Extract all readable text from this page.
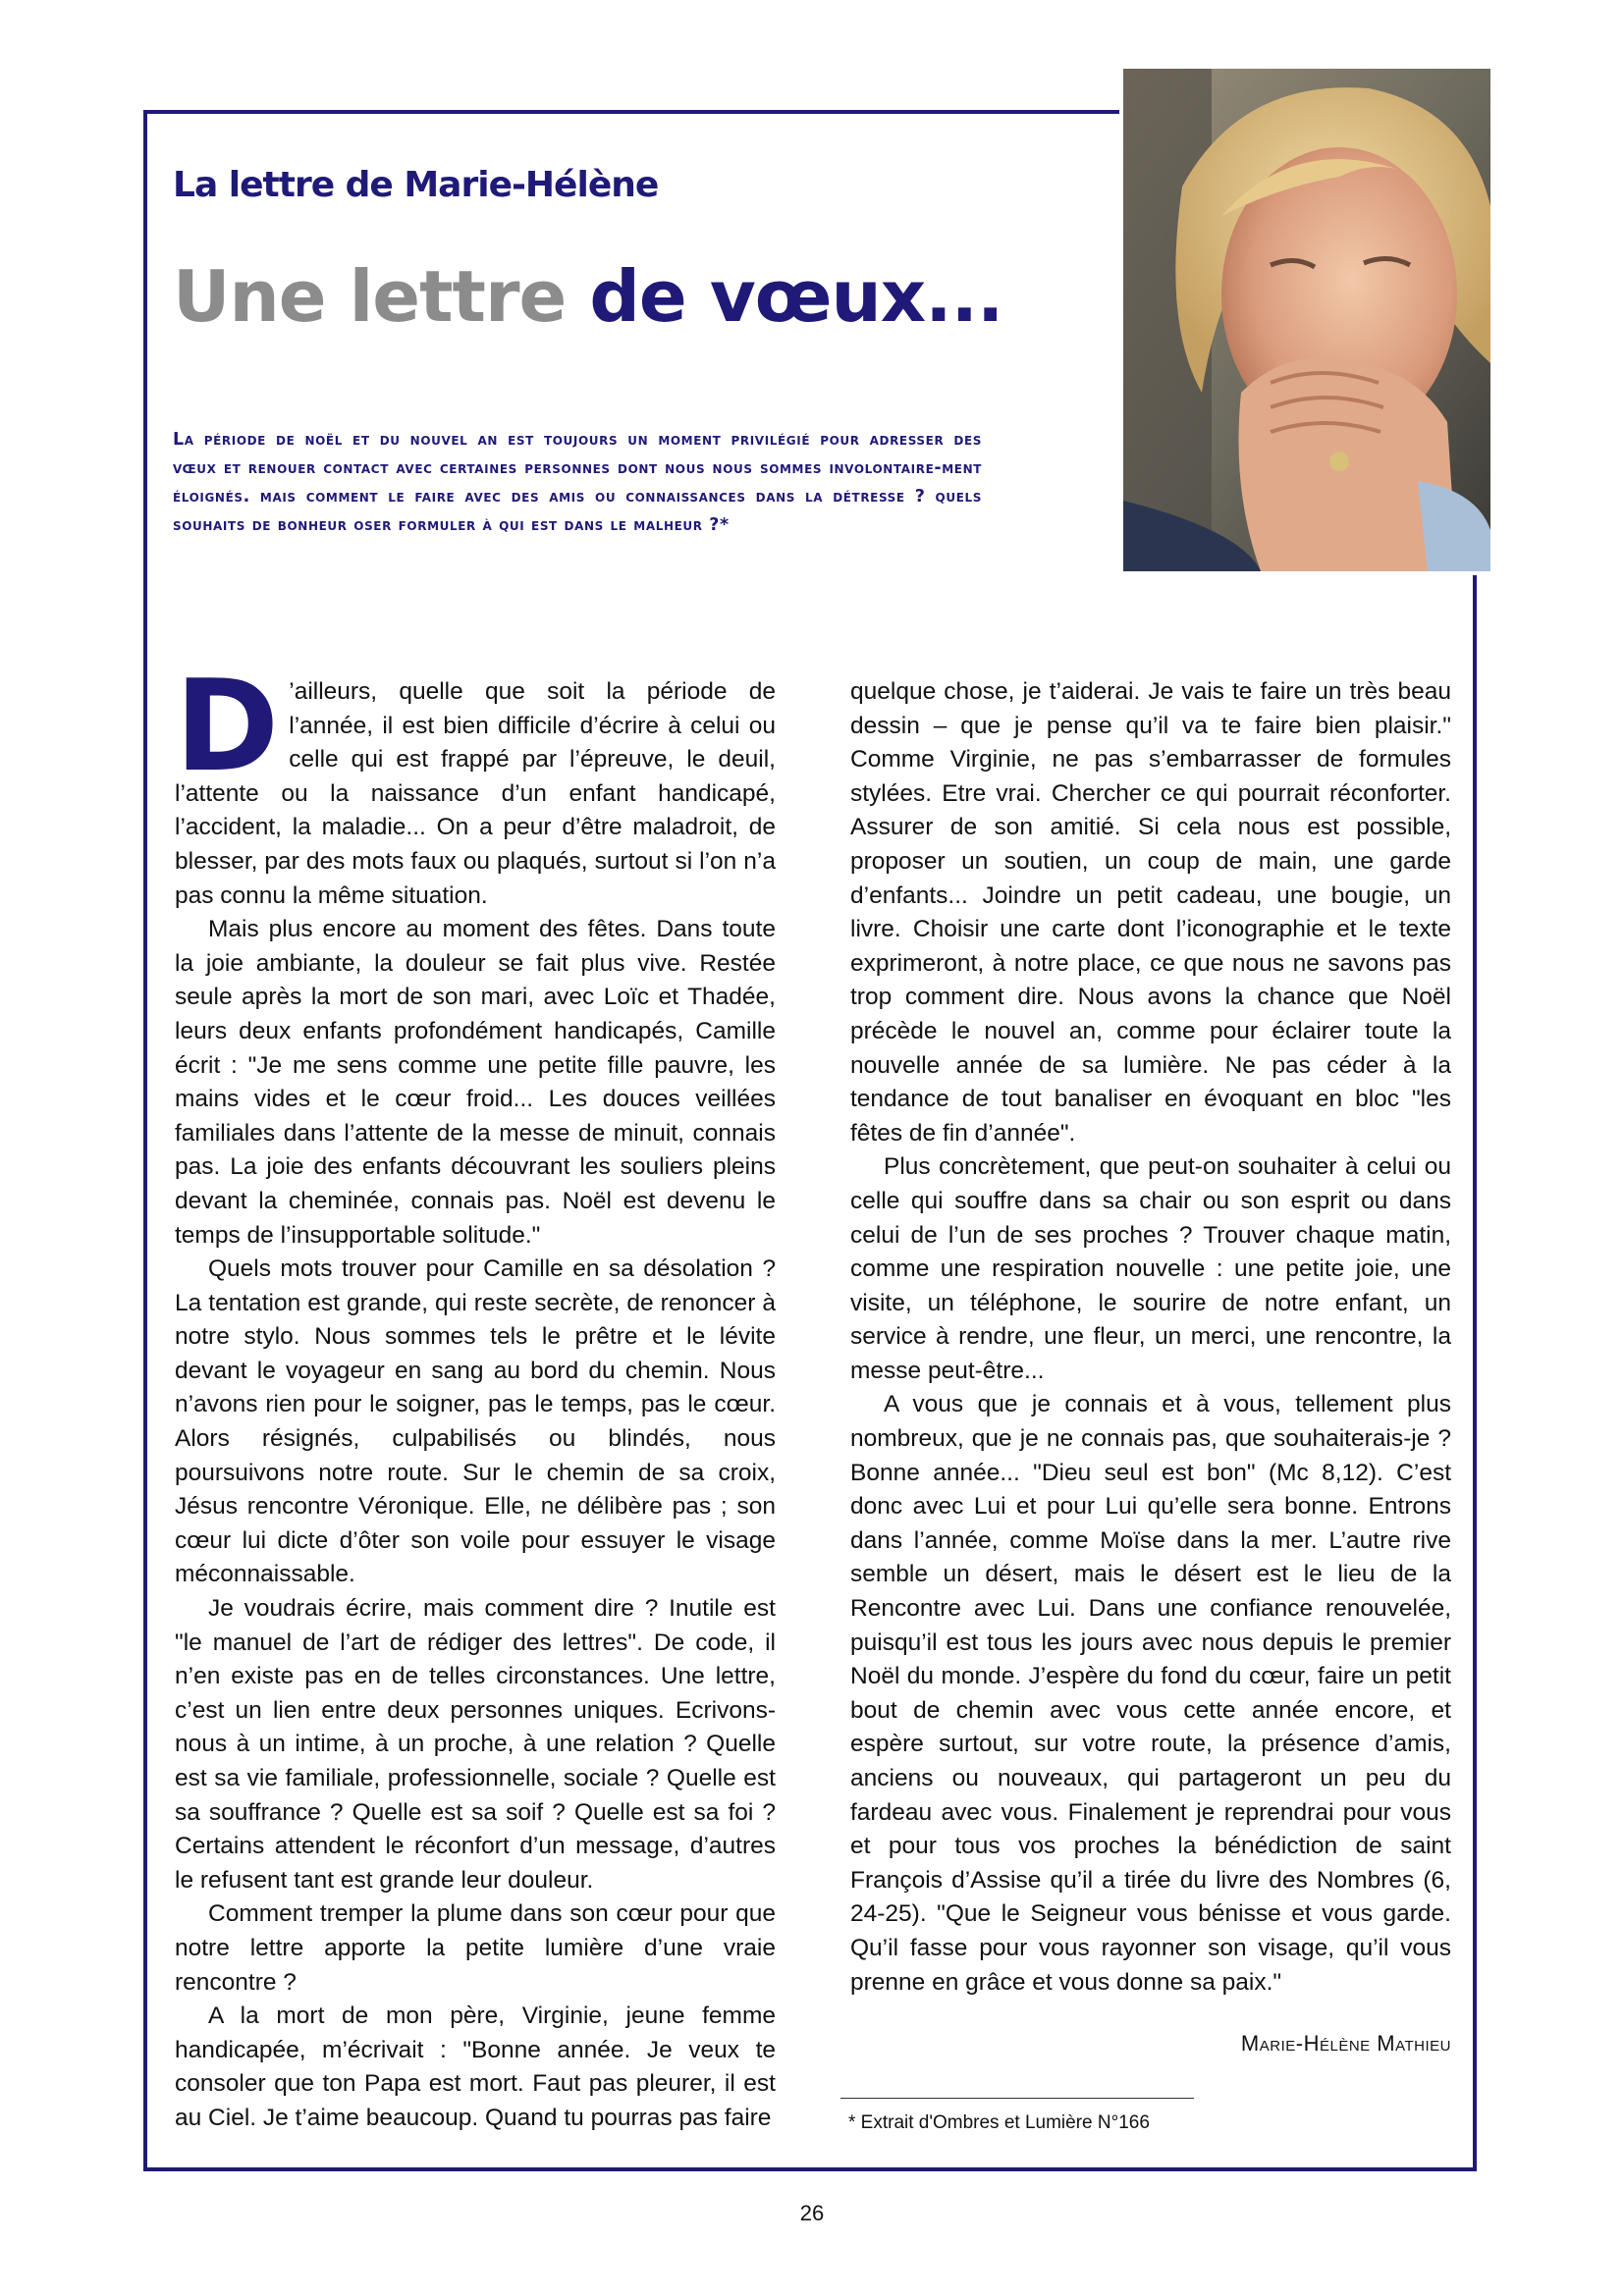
La lettre de Marie-Hélène
Une lettre de vœux...

La période de noël et du nouvel an est toujours un moment privilégié pour adresser des vœux et renouer contact avec certaines personnes dont nous nous sommes involontaire-ment éloignés. mais comment le faire avec des amis ou connaissances dans la détresse ? quels souhaits de bonheur oser formuler à qui est dans le malheur ?*

D ’ailleurs, quelle que soit la période de l’année, il est bien difficile d’écrire à celui ou celle qui est frappé par l’épreuve, le deuil, l’attente ou la naissance d’un enfant handicapé, l’accident, la maladie... On a peur d’être maladroit, de blesser, par des mots faux ou plaqués, surtout si l’on n’a pas connu la même situation.

Mais plus encore au moment des fêtes. Dans toute la joie ambiante, la douleur se fait plus vive. Restée seule après la mort de son mari, avec Loïc et Thadée, leurs deux enfants profondément handicapés, Camille écrit : "Je me sens comme une petite fille pauvre, les mains vides et le cœur froid... Les douces veillées familiales dans l’attente de la messe de minuit, connais pas. La joie des enfants découvrant les souliers pleins devant la cheminée, connais pas. Noël est devenu le temps de l’insupportable solitude."

Quels mots trouver pour Camille en sa désolation ? La tentation est grande, qui reste secrète, de renoncer à notre stylo. Nous sommes tels le prêtre et le lévite devant le voyageur en sang au bord du chemin. Nous n’avons rien pour le soigner, pas le temps, pas le cœur. Alors résignés, culpabilisés ou blindés, nous poursuivons notre route. Sur le chemin de sa croix, Jésus rencontre Véronique. Elle, ne délibère pas ; son cœur lui dicte d’ôter son voile pour essuyer le visage méconnaissable.

Je voudrais écrire, mais comment dire ? Inutile est "le manuel de l’art de rédiger des lettres". De code, il n’en existe pas en de telles circonstances. Une lettre, c’est un lien entre deux personnes uniques. Ecrivons-nous à un intime, à un proche, à une relation ? Quelle est sa vie familiale, professionnelle, sociale ? Quelle est sa souffrance ? Quelle est sa soif ? Quelle est sa foi ? Certains attendent le réconfort d’un message, d’autres le refusent tant est grande leur douleur.

Comment tremper la plume dans son cœur pour que notre lettre apporte la petite lumière d’une vraie rencontre ?

A la mort de mon père, Virginie, jeune femme handicapée, m’écrivait : "Bonne année. Je veux te consoler que ton Papa est mort. Faut pas pleurer, il est au Ciel. Je t’aime beaucoup. Quand tu pourras pas faire

quelque chose, je t’aiderai. Je vais te faire un très beau dessin – que je pense qu’il va te faire bien plaisir." Comme Virginie, ne pas s’embarrasser de formules stylées. Etre vrai. Chercher ce qui pourrait réconforter. Assurer de son amitié. Si cela nous est possible, proposer un soutien, un coup de main, une garde d’enfants... Joindre un petit cadeau, une bougie, un livre. Choisir une carte dont l’iconographie et le texte exprimeront, à notre place, ce que nous ne savons pas trop comment dire. Nous avons la chance que Noël précède le nouvel an, comme pour éclairer toute la nouvelle année de sa lumière. Ne pas céder à la tendance de tout banaliser en évoquant en bloc "les fêtes de fin d’année".

Plus concrètement, que peut-on souhaiter à celui ou celle qui souffre dans sa chair ou son esprit ou dans celui de l’un de ses proches ? Trouver chaque matin, comme une respiration nouvelle : une petite joie, une visite, un téléphone, le sourire de notre enfant, un service à rendre, une fleur, un merci, une rencontre, la messe peut-être...

A vous que je connais et à vous, tellement plus nombreux, que je ne connais pas, que souhaiterais-je ? Bonne année... "Dieu seul est bon" (Mc 8,12). C’est donc avec Lui et pour Lui qu’elle sera bonne. Entrons dans l’année, comme Moïse dans la mer. L’autre rive semble un désert, mais le désert est le lieu de la Rencontre avec Lui. Dans une confiance renouvelée, puisqu’il est tous les jours avec nous depuis le premier Noël du monde. J’espère du fond du cœur, faire un petit bout de chemin avec vous cette année encore, et espère surtout, sur votre route, la présence d’amis, anciens ou nouveaux, qui partageront un peu du fardeau avec vous. Finalement je reprendrai pour vous et pour tous vos proches la bénédiction de saint François d’Assise qu’il a tirée du livre des Nombres (6, 24-25). "Que le Seigneur vous bénisse et vous garde. Qu’il fasse pour vous rayonner son visage, qu’il vous prenne en grâce et vous donne sa paix."

Marie-Hélène Mathieu

* Extrait d'Ombres et Lumière N°166

26
